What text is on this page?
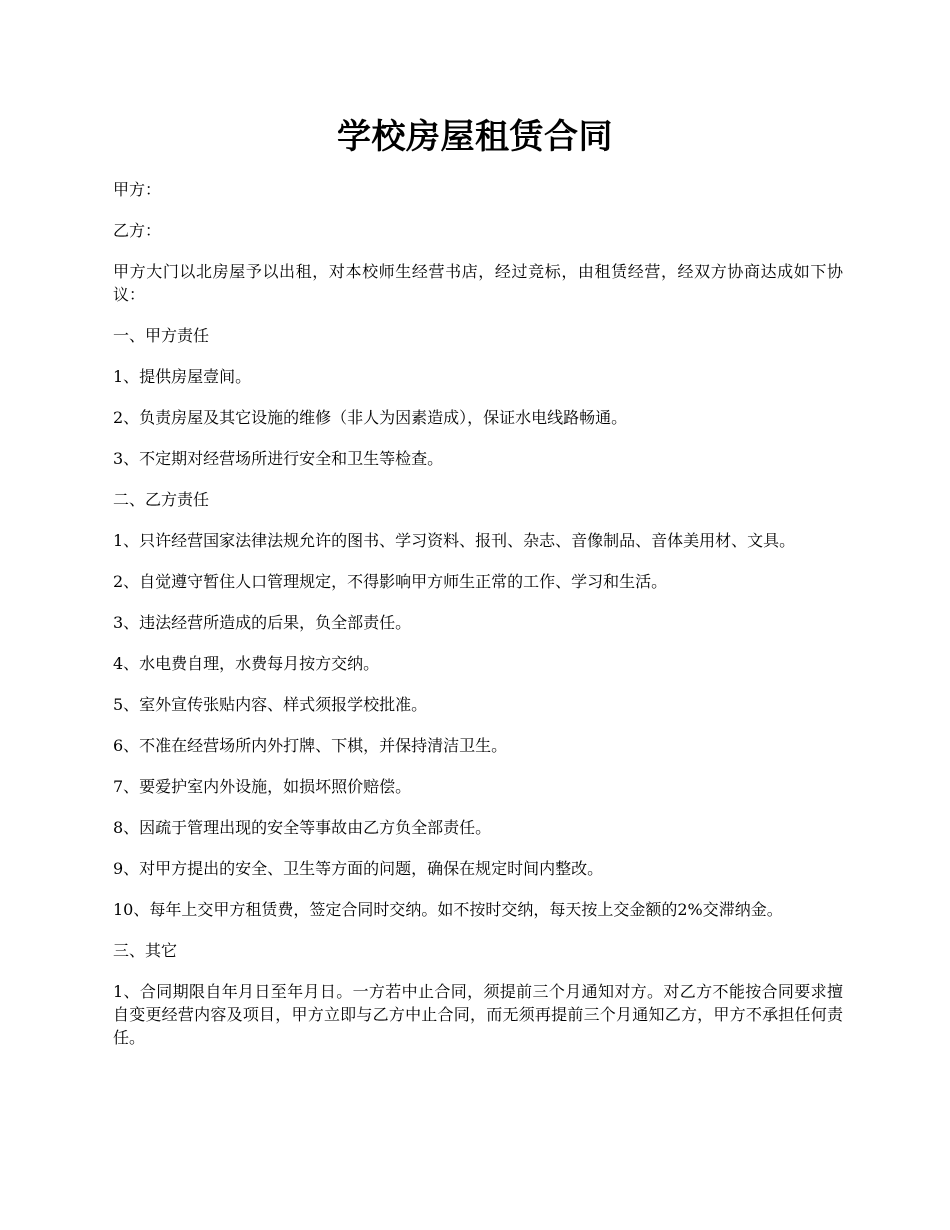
学校房屋租赁合同

甲方：

乙方：

甲方大门以北房屋予以出租，对本校师生经营书店，经过竞标，由租赁经营，经双方协商达成如下协议：

一、甲方责任

1、提供房屋壹间。

2、负责房屋及其它设施的维修（非人为因素造成），保证水电线路畅通。

3、不定期对经营场所进行安全和卫生等检查。

二、乙方责任

1、只许经营国家法律法规允许的图书、学习资料、报刊、杂志、音像制品、音体美用材、文具。

2、自觉遵守暂住人口管理规定，不得影响甲方师生正常的工作、学习和生活。

3、违法经营所造成的后果，负全部责任。

4、水电费自理，水费每月按方交纳。

5、室外宣传张贴内容、样式须报学校批准。

6、不准在经营场所内外打牌、下棋，并保持清洁卫生。

7、要爱护室内外设施，如损坏照价赔偿。

8、因疏于管理出现的安全等事故由乙方负全部责任。

9、对甲方提出的安全、卫生等方面的问题，确保在规定时间内整改。

10、每年上交甲方租赁费，签定合同时交纳。如不按时交纳，每天按上交金额的2%交滞纳金。

三、其它

1、合同期限自年月日至年月日。一方若中止合同，须提前三个月通知对方。对乙方不能按合同要求擅自变更经营内容及项目，甲方立即与乙方中止合同，而无须再提前三个月通知乙方，甲方不承担任何责任。
